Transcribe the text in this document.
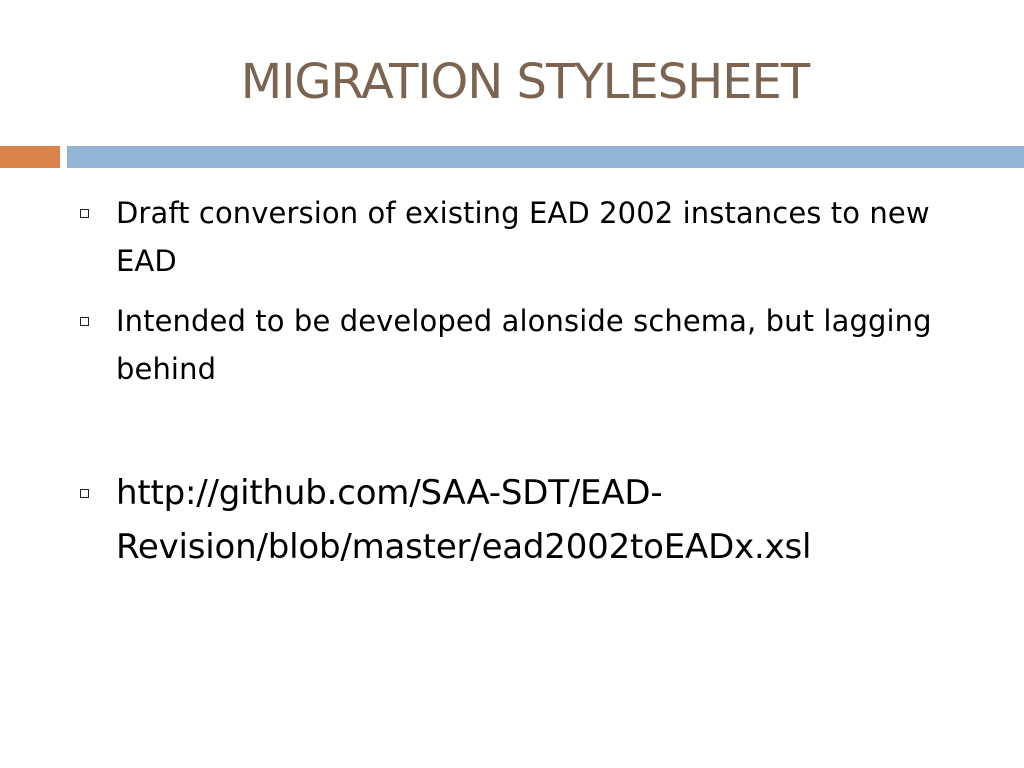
MIGRATION STYLESHEET

Draft conversion of existing EAD 2002 instances to new EAD

Intended to be developed alonside schema, but lagging behind

http://github.com/SAA-SDT/EAD-Revision/blob/master/ead2002toEADx.xsl
